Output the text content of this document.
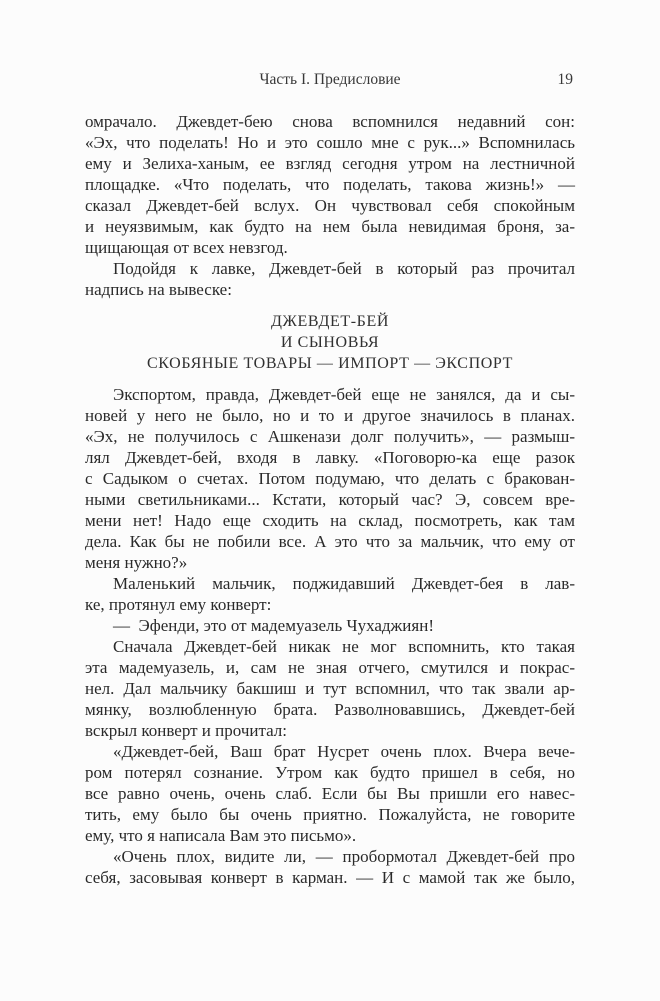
Часть I. Предисловие	19
омрачало. Джевдет-бею снова вспомнился недавний сон:
«Эх, что поделать! Но и это сошло мне с рук...» Вспомнилась
ему и Зелиха-ханым, ее взгляд сегодня утром на лестничной
площадке. «Что поделать, что поделать, такова жизнь!» —
сказал Джевдет-бей вслух. Он чувствовал себя спокойным
и неуязвимым, как будто на нем была невидимая броня, за-
щищающая от всех невзгод.
Подойдя к лавке, Джевдет-бей в который раз прочитал
надпись на вывеске:
ДЖЕВДЕТ-БЕЙ
И СЫНОВЬЯ
СКОБЯНЫЕ ТОВАРЫ — ИМПОРТ — ЭКСПОРТ
Экспортом, правда, Джевдет-бей еще не занялся, да и сы-
новей у него не было, но и то и другое значилось в планах.
«Эх, не получилось с Ашкенази долг получить», — размыш-
лял Джевдет-бей, входя в лавку. «Поговорю-ка еще разок
с Садыком о счетах. Потом подумаю, что делать с бракован-
ными светильниками... Кстати, который час? Э, совсем вре-
мени нет! Надо еще сходить на склад, посмотреть, как там
дела. Как бы не побили все. А это что за мальчик, что ему от
меня нужно?»
Маленький мальчик, поджидавший Джевдет-бея в лав-
ке, протянул ему конверт:
— Эфенди, это от мадемуазель Чухаджиян!
Сначала Джевдет-бей никак не мог вспомнить, кто такая
эта мадемуазель, и, сам не зная отчего, смутился и покрас-
нел. Дал мальчику бакшиш и тут вспомнил, что так звали ар-
мянку, возлюбленную брата. Разволновавшись, Джевдет-бей
вскрыл конверт и прочитал:
«Джевдет-бей, Ваш брат Нусрет очень плох. Вчера вече-
ром потерял сознание. Утром как будто пришел в себя, но
все равно очень, очень слаб. Если бы Вы пришли его навес-
тить, ему было бы очень приятно. Пожалуйста, не говорите
ему, что я написала Вам это письмо».
«Очень плох, видите ли, — пробормотал Джевдет-бей про
себя, засовывая конверт в карман. — И с мамой так же было,
